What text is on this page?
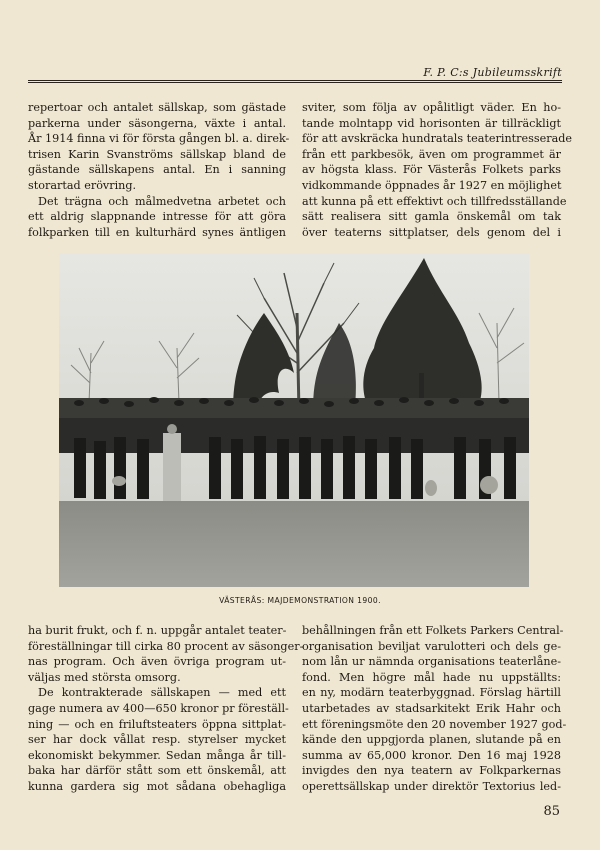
F. P. C:s Jubileumsskrift
repertoar och antalet sällskap, som gästade
parkerna under säsongerna, växte i antal.
År 1914 finna vi för första gången bl. a. direk-
trisen Karin Svanströms sällskap bland de
gästande sällskapens antal. En i sanning
storartad erövring.
Det trägna och målmedvetna arbetet och
ett aldrig slappnande intresse för att göra
folkparken till en kulturhärd synes äntligen
sviter, som följa av opålitligt väder. En ho-
tande molntapp vid horisonten är tillräckligt
för att avskräcka hundratals teaterintresserade
från ett parkbesök, även om programmet är
av högsta klass. För Västerås Folkets parks
vidkommande öppnades år 1927 en möjlighet
att kunna på ett effektivt och tillfredsställande
sätt realisera sitt gamla önskemål om tak
över teaterns sittplatser, dels genom del i
VÄSTERÅS: MAJDEMONSTRATION 1900.
ha burit frukt, och f. n. uppgår antalet teater-
föreställningar till cirka 80 procent av säsonger-
nas program. Och även övriga program ut-
väljas med största omsorg.
De kontrakterade sällskapen — med ett
gage numera av 400—650 kronor pr föreställ-
ning — och en friluftsteaters öppna sittplat-
ser har dock vållat resp. styrelser mycket
ekonomiskt bekymmer. Sedan många år till-
baka har därför stått som ett önskemål, att
kunna gardera sig mot sådana obehagliga
behållningen från ett Folkets Parkers Central-
organisation beviljat varulotteri och dels ge-
nom lån ur nämnda organisations teaterlåne-
fond. Men högre mål hade nu uppställts:
en ny, modärn teaterbyggnad. Förslag härtill
utarbetades av stadsarkitekt Erik Hahr och
ett föreningsmöte den 20 november 1927 god-
kände den uppgjorda planen, slutande på en
summa av 65,000 kronor. Den 16 maj 1928
invigdes den nya teatern av Folkparkernas
operettsällskap under direktör Textorius led-
85
